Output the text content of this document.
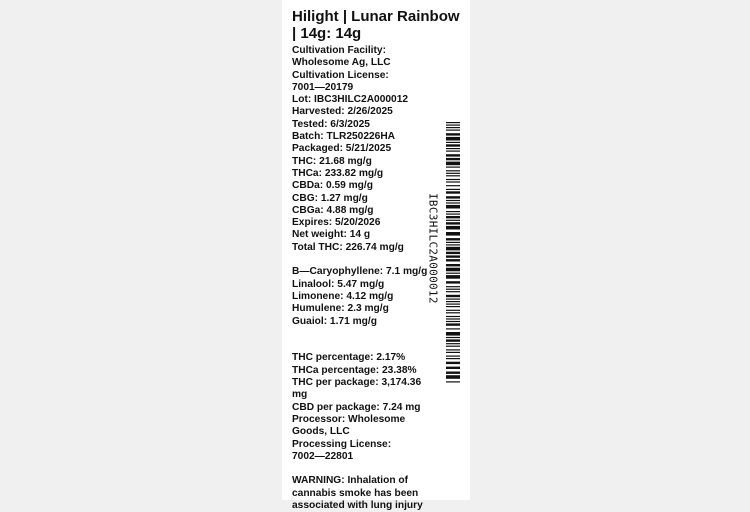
Hilight | Lunar Rainbow | 14g: 14g
Cultivation Facility: Wholesome Ag, LLC
Cultivation License:
7001—20179
Lot: IBC3HILC2A000012
Harvested: 2/26/2025
Tested: 6/3/2025
Batch: TLR250226HA
Packaged: 5/21/2025
THC: 21.68 mg/g
THCa: 233.82 mg/g
CBDa: 0.59 mg/g
CBG: 1.27 mg/g
CBGa: 4.88 mg/g
Expires: 5/20/2026
Net weight: 14 g
Total THC: 226.74 mg/g
B—Caryophyllene: 7.1 mg/g
Linalool: 5.47 mg/g
Limonene: 4.12 mg/g
Humulene: 2.3 mg/g
Guaiol: 1.71 mg/g
THC percentage: 2.17%
THCa percentage: 23.38%
THC per package: 3,174.36 mg
CBD per package: 7.24 mg
Processor: Wholesome Goods, LLC
Processing License:
7002—22801
WARNING: Inhalation of cannabis smoke has been associated with lung injury
IBC3HILC2A000012
